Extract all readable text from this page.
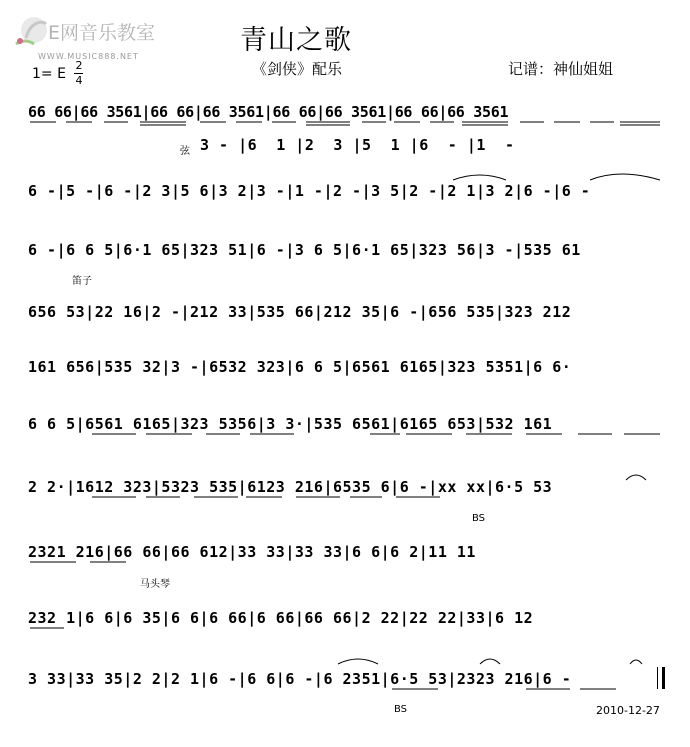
E网音乐教室
WWW.MUSIC888.NET
青山之歌
《剑侠》配乐	记谱：神仙姐姐
1= E
2
4
66 66|66 3561|66 66|66 3561|66 66|66 3561|66 66|66 3561
3 - |6  1 |2  3 |5  1 |6  - |1  -
弦
6 -|5 -|6 -|2 3|5 6|3 2|3 -|1 -|2 -|3 5|2 -|2 1|3 2|6 -|6 -
6 -|6 6 5|6·1 65|323 51|6 -|3 6 5|6·1 65|323 56|3 -|535 61
笛子
656 53|22 16|2 -|212 33|535 66|212 35|6 -|656 535|323 212
161 656|535 32|3 -|6532 323|6 6 5|6561 6165|323 5351|6 6·
6 6 5|6561 6165|323 5356|3 3·|535 6561|6165 653|532 161
2 2·|1612 323|5323 535|6123 216|6535 6|6 -|xx xx|6·5 53
BS
2321 216|66 66|66 612|33 33|33 33|6 6|6 2|11 11
马头琴
232 1|6 6|6 35|6 6|6 66|6 66|66 66|2 22|22 22|33|6 12
3 33|33 35|2 2|2 1|6 -|6 6|6 -|6 2351|6·5 53|2323 216|6 -
BS	2010-12-27
